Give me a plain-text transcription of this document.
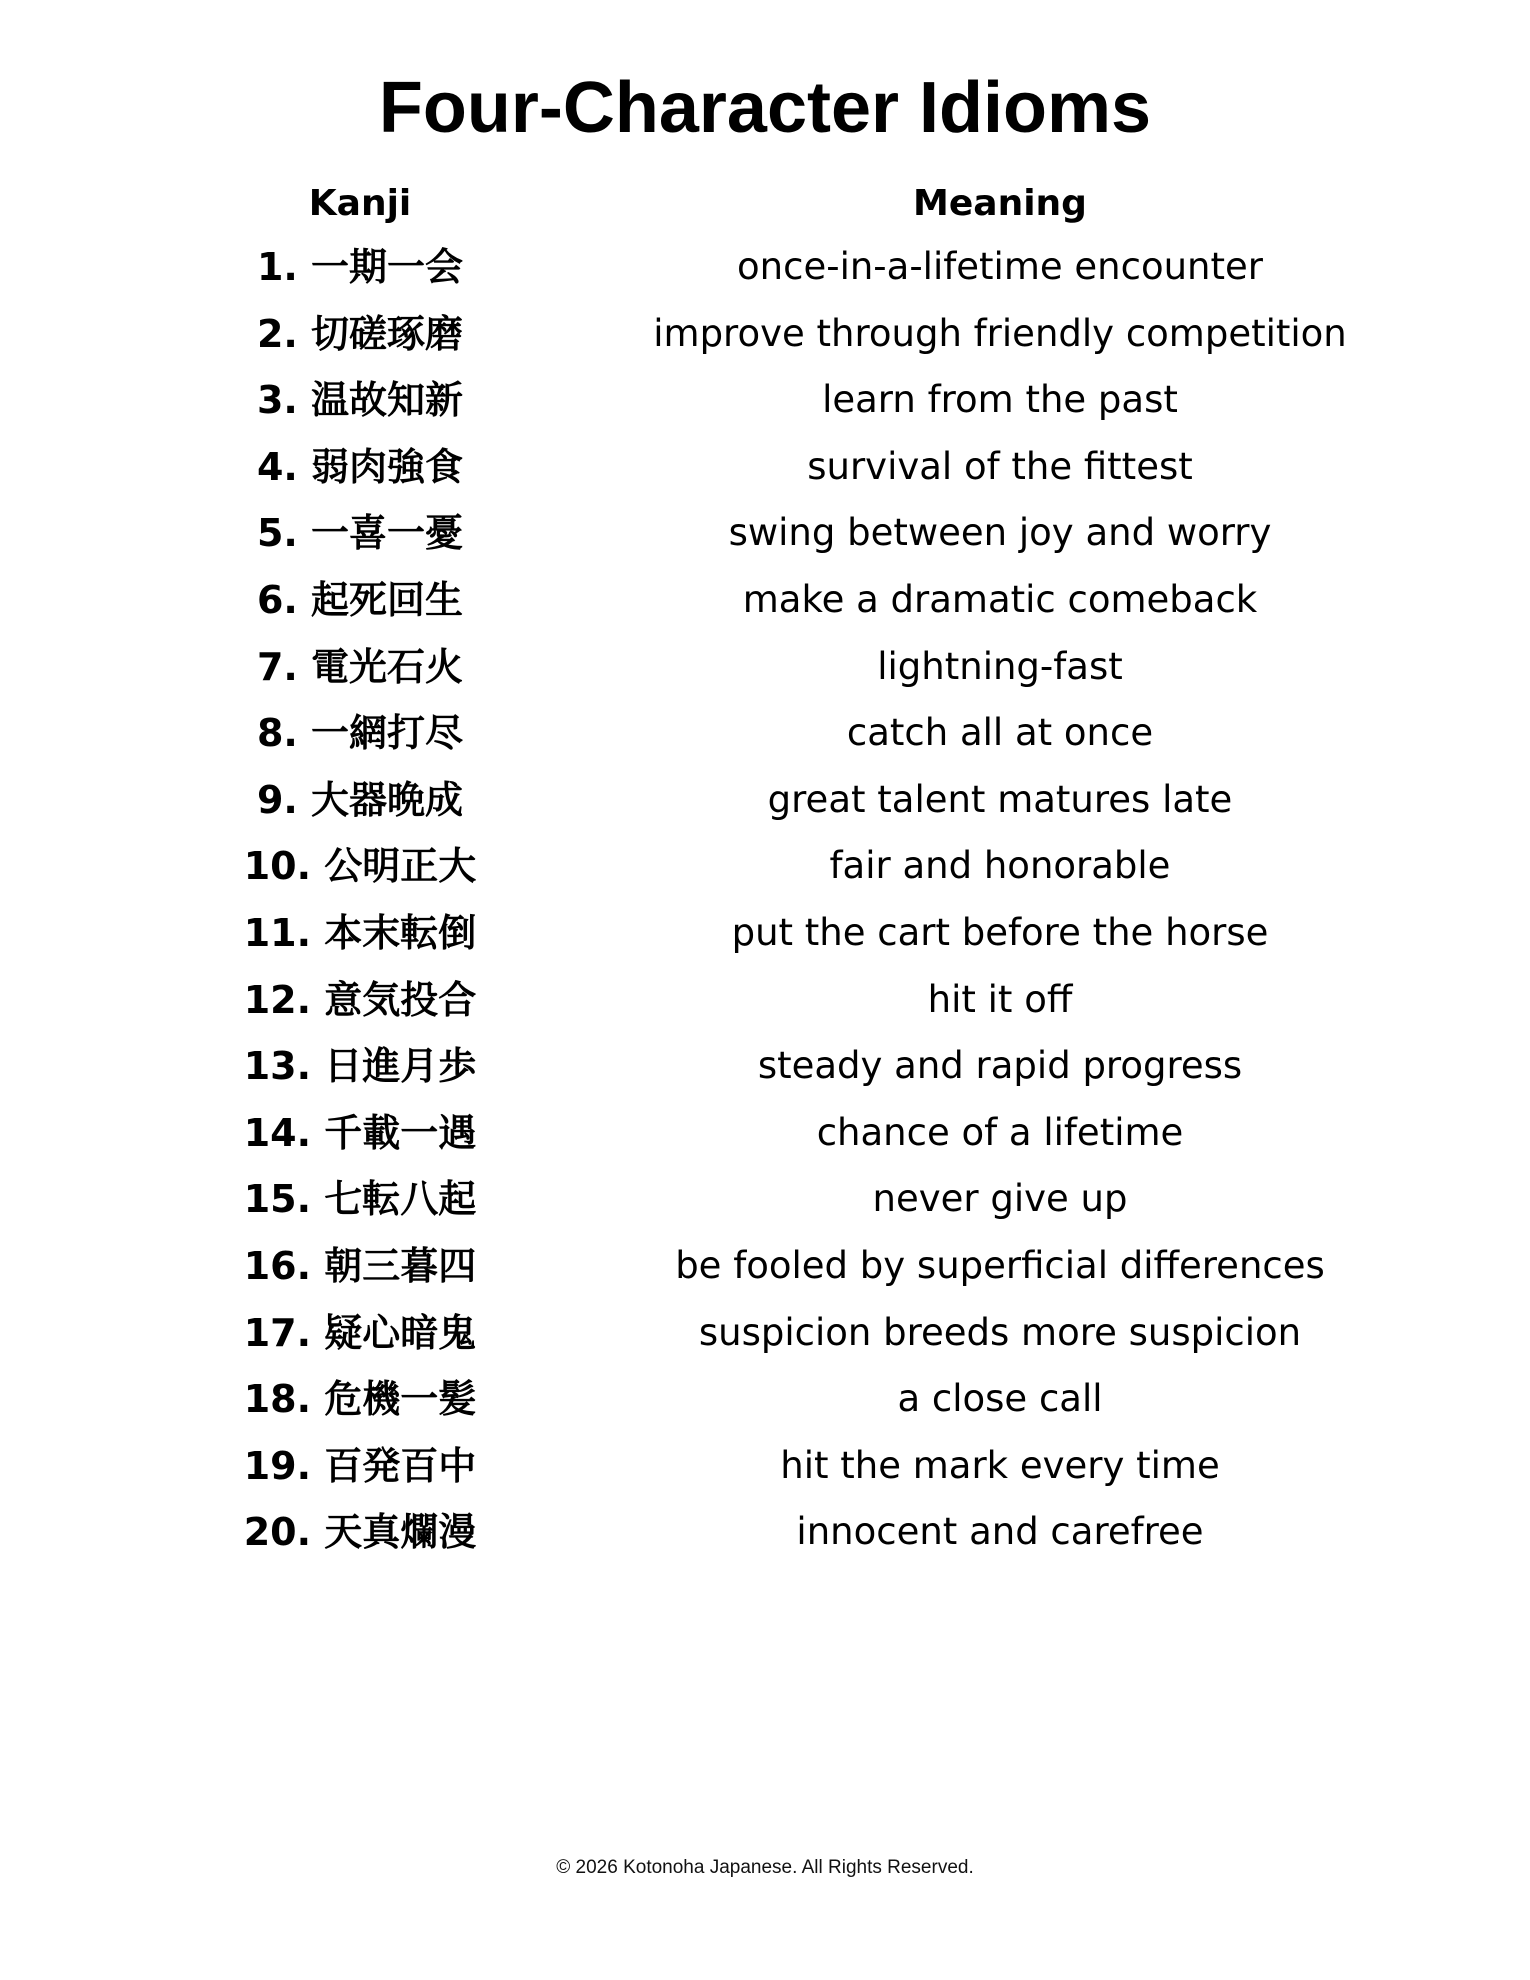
Four-Character Idioms
Kanji	Meaning
1. 一期一会	once-in-a-lifetime encounter
2. 切磋琢磨	improve through friendly competition
3. 温故知新	learn from the past
4. 弱肉強食	survival of the fittest
5. 一喜一憂	swing between joy and worry
6. 起死回生	make a dramatic comeback
7. 電光石火	lightning-fast
8. 一網打尽	catch all at once
9. 大器晩成	great talent matures late
10. 公明正大	fair and honorable
11. 本末転倒	put the cart before the horse
12. 意気投合	hit it off
13. 日進月歩	steady and rapid progress
14. 千載一遇	chance of a lifetime
15. 七転八起	never give up
16. 朝三暮四	be fooled by superficial differences
17. 疑心暗鬼	suspicion breeds more suspicion
18. 危機一髪	a close call
19. 百発百中	hit the mark every time
20. 天真爛漫	innocent and carefree
© 2026 Kotonoha Japanese. All Rights Reserved.
